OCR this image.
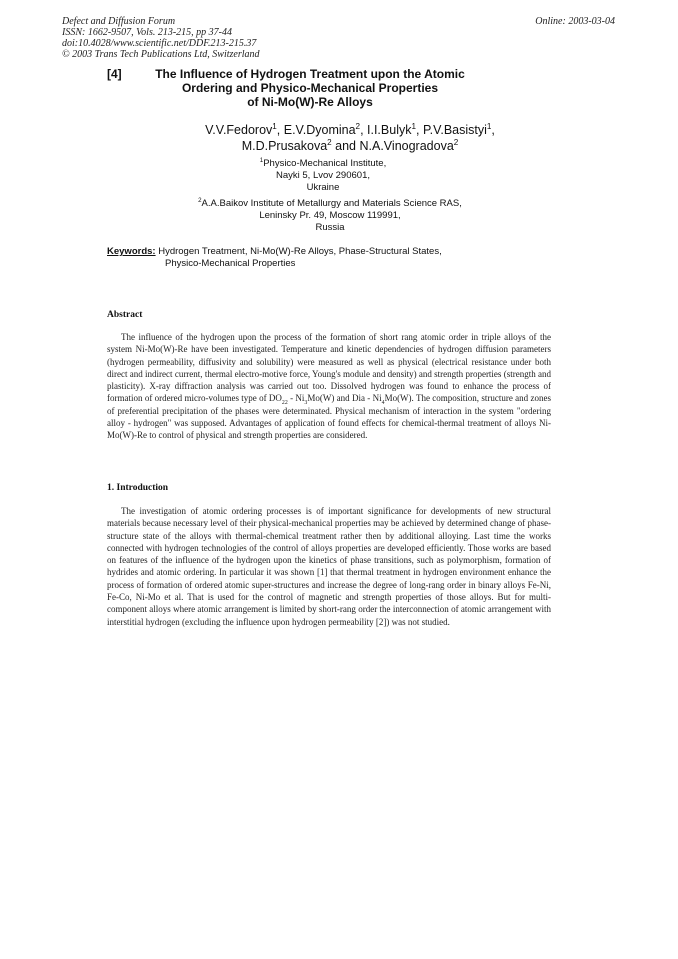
Defect and Diffusion Forum
ISSN: 1662-9507, Vols. 213-215, pp 37-44
doi:10.4028/www.scientific.net/DDF.213-215.37
© 2003 Trans Tech Publications Ltd, Switzerland
Online: 2003-03-04
[4]	The Influence of Hydrogen Treatment upon the Atomic
Ordering and Physico-Mechanical Properties
of Ni-Mo(W)-Re Alloys
V.V.Fedorov$^1$, E.V.Dyomina$^2$, I.I.Bulyk$^1$, P.V.Basistyi$^1$,
M.D.Prusakova$^2$ and N.A.Vinogradova$^2$
$^1$Physico-Mechanical Institute,
Nayki 5, Lvov 290601,
Ukraine
$^2$A.A.Baikov Institute of Metallurgy and Materials Science RAS,
Leninsky Pr. 49, Moscow 119991,
Russia
Keywords: Hydrogen Treatment, Ni-Mo(W)-Re Alloys, Phase-Structural States,
Physico-Mechanical Properties
Abstract

The influence of the hydrogen upon the process of the formation of short rang atomic order in triple alloys of the system Ni-Mo(W)-Re have been investigated. Temperature and kinetic dependencies of hydrogen diffusion parameters (hydrogen permeability, diffusivity and solubility) were measured as well as physical (electrical resistance under both direct and indirect current, thermal electro-motive force, Young's module and density) and strength properties (strength and plasticity). X-ray diffraction analysis was carried out too. Dissolved hydrogen was found to enhance the process of formation of ordered micro-volumes type of $DO_{22} - Ni_3Mo(W)$ and Dia - $Ni_4Mo(W)$. The composition, structure and zones of preferential precipitation of the phases were determinated. Physical mechanism of interaction in the system "ordering alloy - hydrogen" was supposed. Advantages of application of found effects for chemical-thermal treatment of alloys Ni-Mo(W)-Re to control of physical and strength properties are considered.

1. Introduction

The investigation of atomic ordering processes is of important significance for developments of new structural materials because necessary level of their physical-mechanical properties may be achieved by determined change of phase-structure state of the alloys with thermal-chemical treatment rather then by additional alloying. Last time the works connected with hydrogen technologies of the control of alloys properties are developed efficiently. Those works are based on features of the influence of the hydrogen upon the kinetics of phase transitions, such as polymorphism, formation of hydrides and atomic ordering. In particular it was shown [1] that thermal treatment in hydrogen environment enhance the process of formation of ordered atomic super-structures and increase the degree of long-rang order in binary alloys Fe-Ni, Fe-Co, Ni-Mo et al. That is used for the control of magnetic and strength properties of those alloys. But for multi-component alloys where atomic arrangement is limited by short-rang order the interconnection of atomic arrangement with interstitial hydrogen (excluding the influence upon hydrogen permeability [2]) was not studied.
